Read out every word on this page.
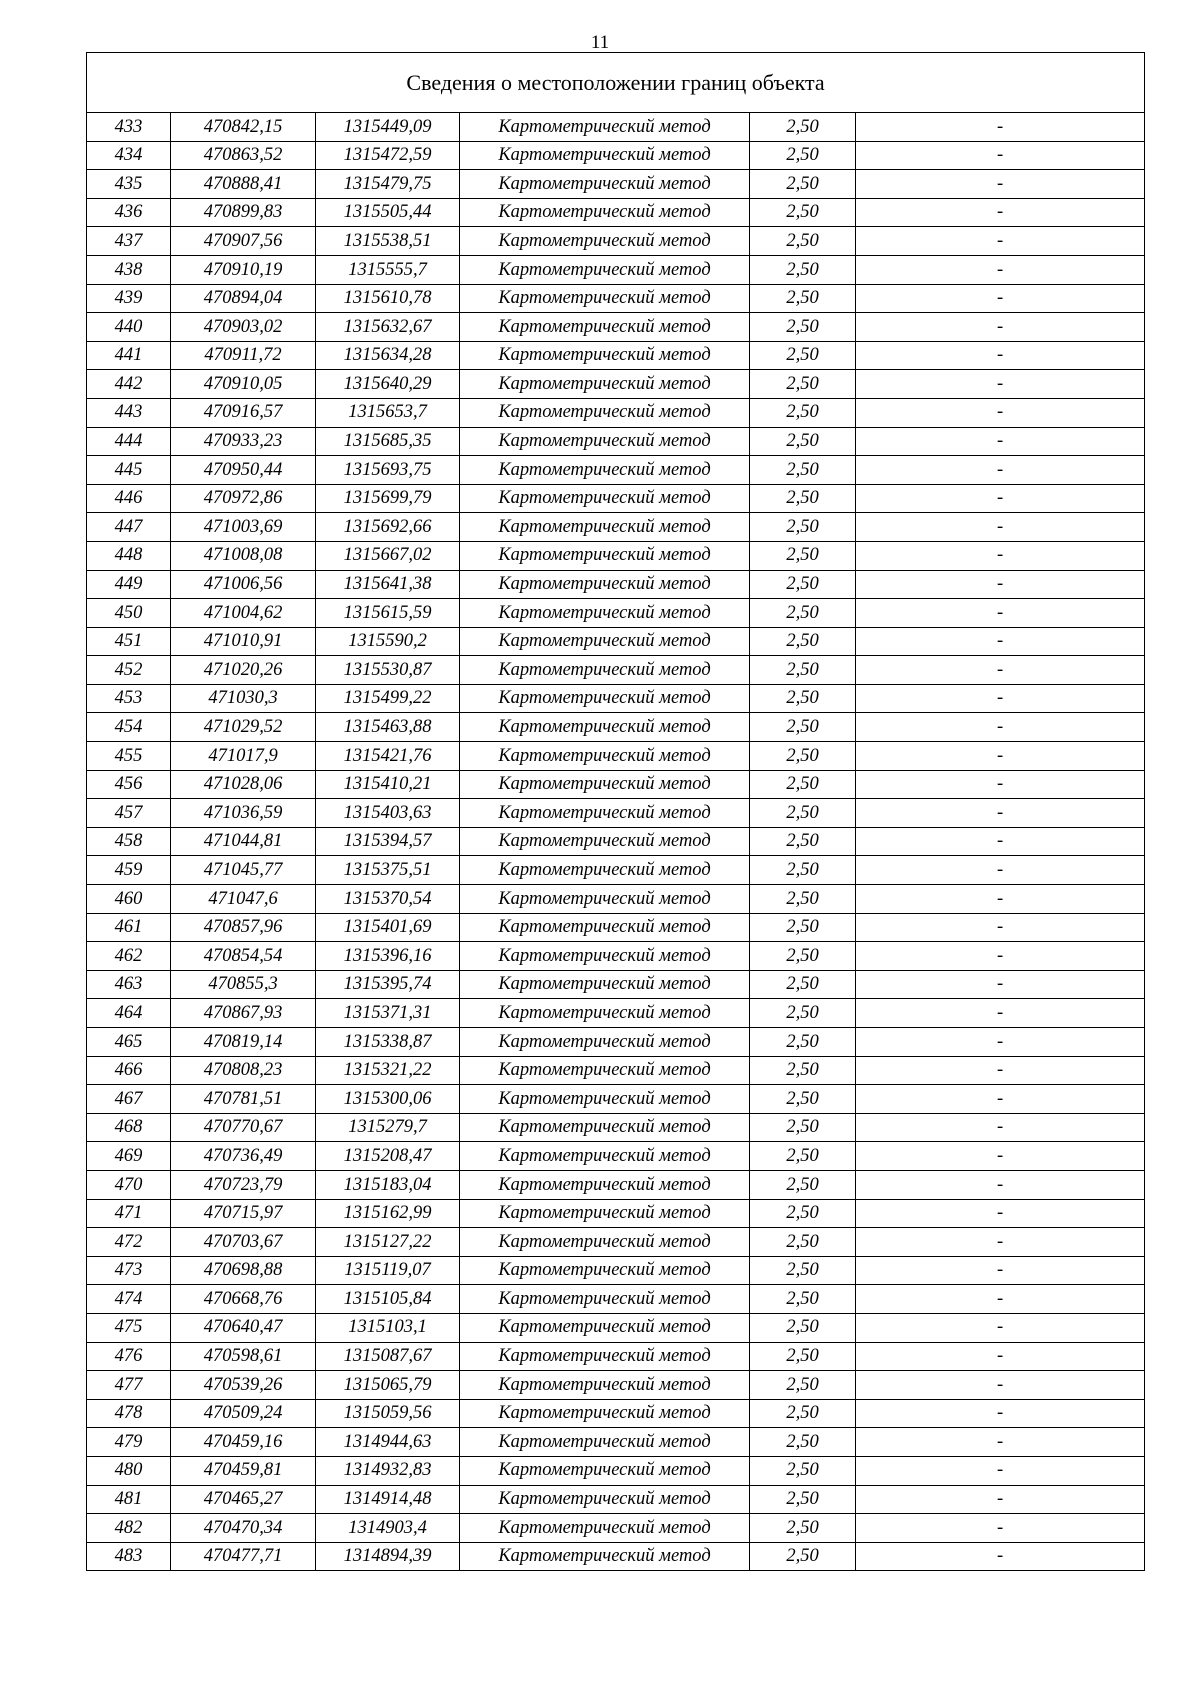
11
Сведения о местоположении границ объекта					
433	470842,15	1315449,09	Картометрический метод	2,50	-
434	470863,52	1315472,59	Картометрический метод	2,50	-
435	470888,41	1315479,75	Картометрический метод	2,50	-
436	470899,83	1315505,44	Картометрический метод	2,50	-
437	470907,56	1315538,51	Картометрический метод	2,50	-
438	470910,19	1315555,7	Картометрический метод	2,50	-
439	470894,04	1315610,78	Картометрический метод	2,50	-
440	470903,02	1315632,67	Картометрический метод	2,50	-
441	470911,72	1315634,28	Картометрический метод	2,50	-
442	470910,05	1315640,29	Картометрический метод	2,50	-
443	470916,57	1315653,7	Картометрический метод	2,50	-
444	470933,23	1315685,35	Картометрический метод	2,50	-
445	470950,44	1315693,75	Картометрический метод	2,50	-
446	470972,86	1315699,79	Картометрический метод	2,50	-
447	471003,69	1315692,66	Картометрический метод	2,50	-
448	471008,08	1315667,02	Картометрический метод	2,50	-
449	471006,56	1315641,38	Картометрический метод	2,50	-
450	471004,62	1315615,59	Картометрический метод	2,50	-
451	471010,91	1315590,2	Картометрический метод	2,50	-
452	471020,26	1315530,87	Картометрический метод	2,50	-
453	471030,3	1315499,22	Картометрический метод	2,50	-
454	471029,52	1315463,88	Картометрический метод	2,50	-
455	471017,9	1315421,76	Картометрический метод	2,50	-
456	471028,06	1315410,21	Картометрический метод	2,50	-
457	471036,59	1315403,63	Картометрический метод	2,50	-
458	471044,81	1315394,57	Картометрический метод	2,50	-
459	471045,77	1315375,51	Картометрический метод	2,50	-
460	471047,6	1315370,54	Картометрический метод	2,50	-
461	470857,96	1315401,69	Картометрический метод	2,50	-
462	470854,54	1315396,16	Картометрический метод	2,50	-
463	470855,3	1315395,74	Картометрический метод	2,50	-
464	470867,93	1315371,31	Картометрический метод	2,50	-
465	470819,14	1315338,87	Картометрический метод	2,50	-
466	470808,23	1315321,22	Картометрический метод	2,50	-
467	470781,51	1315300,06	Картометрический метод	2,50	-
468	470770,67	1315279,7	Картометрический метод	2,50	-
469	470736,49	1315208,47	Картометрический метод	2,50	-
470	470723,79	1315183,04	Картометрический метод	2,50	-
471	470715,97	1315162,99	Картометрический метод	2,50	-
472	470703,67	1315127,22	Картометрический метод	2,50	-
473	470698,88	1315119,07	Картометрический метод	2,50	-
474	470668,76	1315105,84	Картометрический метод	2,50	-
475	470640,47	1315103,1	Картометрический метод	2,50	-
476	470598,61	1315087,67	Картометрический метод	2,50	-
477	470539,26	1315065,79	Картометрический метод	2,50	-
478	470509,24	1315059,56	Картометрический метод	2,50	-
479	470459,16	1314944,63	Картометрический метод	2,50	-
480	470459,81	1314932,83	Картометрический метод	2,50	-
481	470465,27	1314914,48	Картометрический метод	2,50	-
482	470470,34	1314903,4	Картометрический метод	2,50	-
483	470477,71	1314894,39	Картометрический метод	2,50	-
